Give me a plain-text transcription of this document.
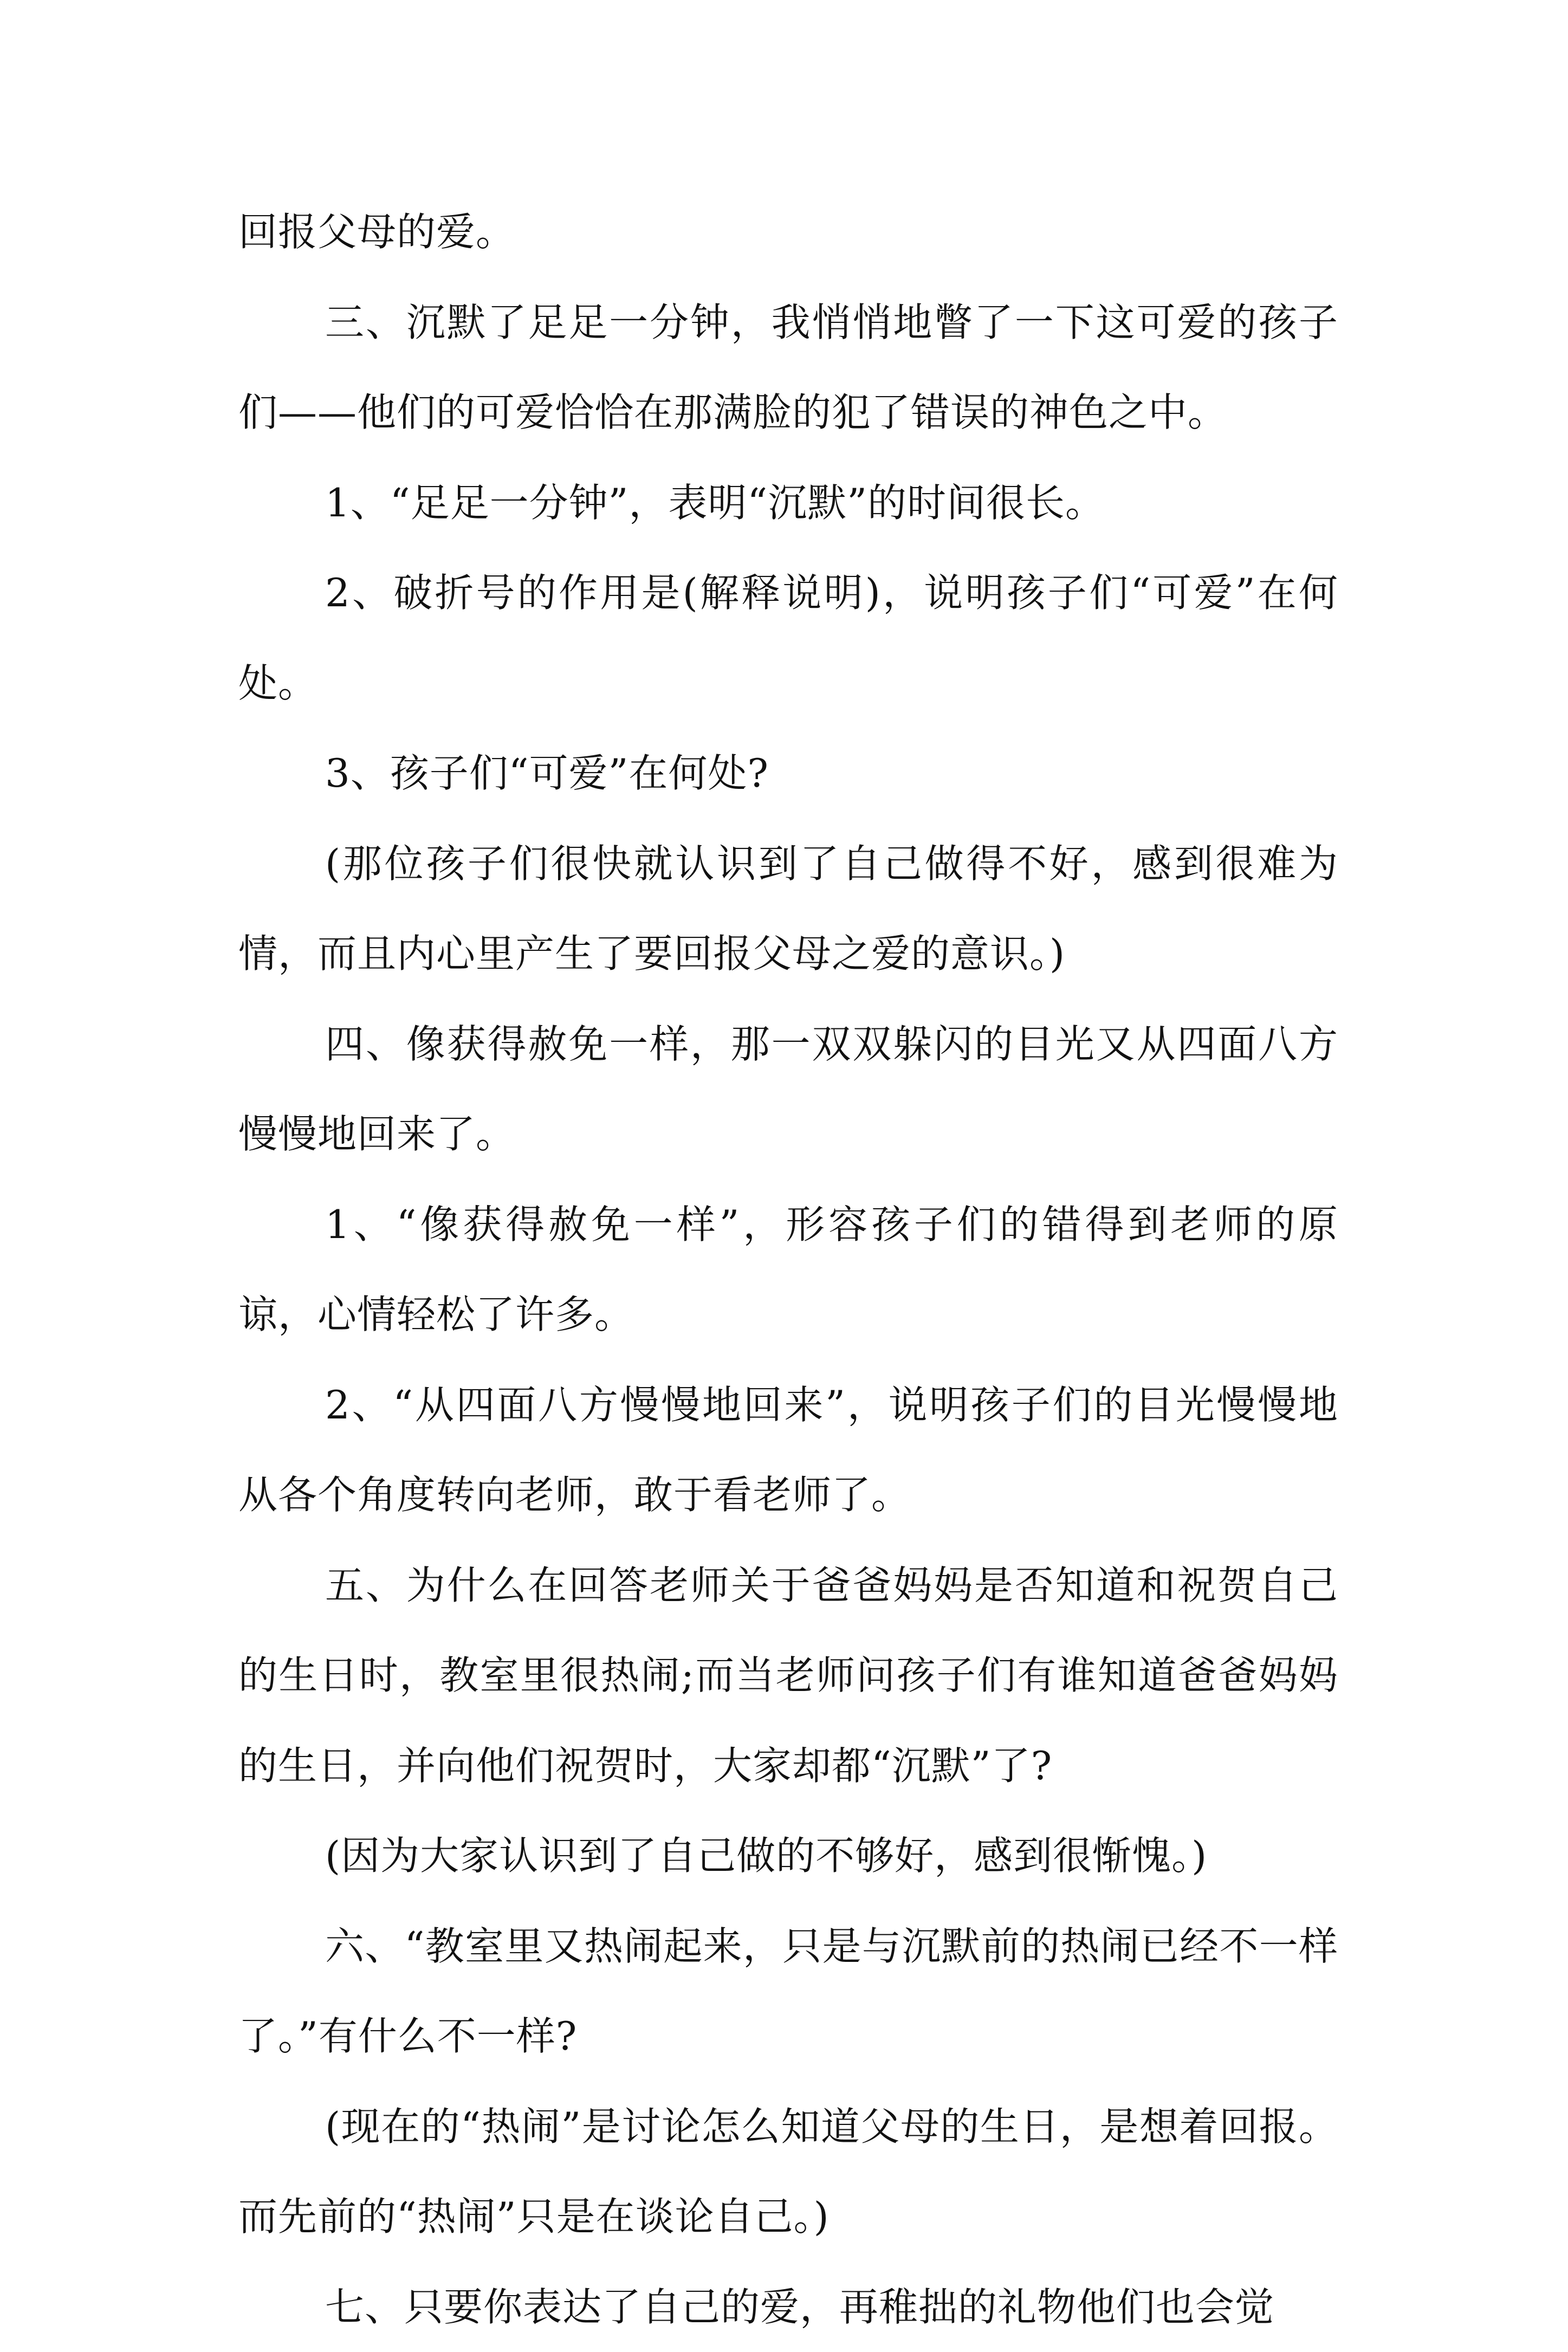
回报父母的爱。

三、沉默了足足一分钟，我悄悄地瞥了一下这可爱的孩子们——他们的可爱恰恰在那满脸的犯了错误的神色之中。

1、“足足一分钟”，表明“沉默”的时间很长。

2、破折号的作用是(解释说明)，说明孩子们“可爱”在何处。

3、孩子们“可爱”在何处?

(那位孩子们很快就认识到了自己做得不好，感到很难为情，而且内心里产生了要回报父母之爱的意识。)

四、像获得赦免一样，那一双双躲闪的目光又从四面八方慢慢地回来了。

1、“像获得赦免一样”，形容孩子们的错得到老师的原谅，心情轻松了许多。

2、“从四面八方慢慢地回来”，说明孩子们的目光慢慢地从各个角度转向老师，敢于看老师了。

五、为什么在回答老师关于爸爸妈妈是否知道和祝贺自己的生日时，教室里很热闹;而当老师问孩子们有谁知道爸爸妈妈的生日，并向他们祝贺时，大家却都“沉默”了?

(因为大家认识到了自己做的不够好，感到很惭愧。)

六、“教室里又热闹起来，只是与沉默前的热闹已经不一样了。”有什么不一样?

(现在的“热闹”是讨论怎么知道父母的生日，是想着回报。而先前的“热闹”只是在谈论自己。)

七、只要你表达了自己的爱，再稚拙的礼物他们也会觉
